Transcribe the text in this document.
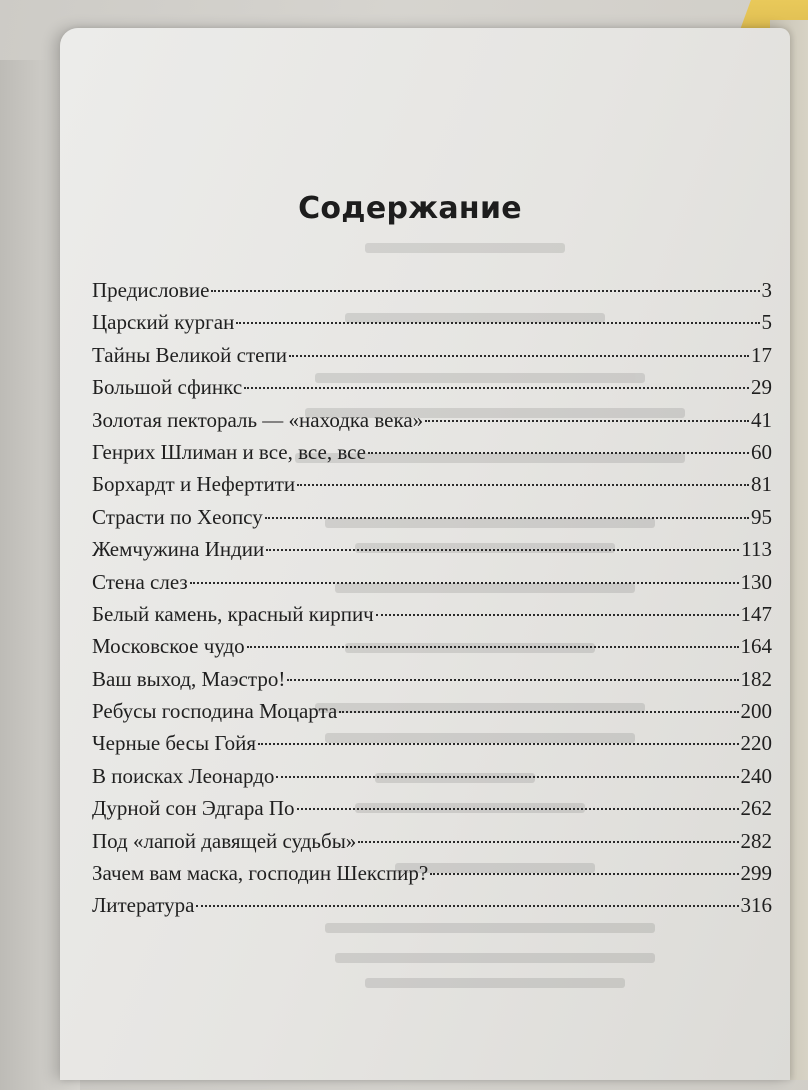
Содержание
Предисловие	3
Царский курган	5
Тайны Великой степи	17
Большой сфинкс	29
Золотая пектораль — «находка века»	41
Генрих Шлиман и все, все, все	60
Борхардт и Нефертити	81
Страсти по Хеопсу	95
Жемчужина Индии	113
Стена слез	130
Белый камень, красный кирпич	147
Московское чудо	164
Ваш выход, Маэстро!	182
Ребусы господина Моцарта	200
Черные бесы Гойя	220
В поисках Леонардо	240
Дурной сон Эдгара По	262
Под «лапой давящей судьбы»	282
Зачем вам маска, господин Шекспир?	299
Литература	316
